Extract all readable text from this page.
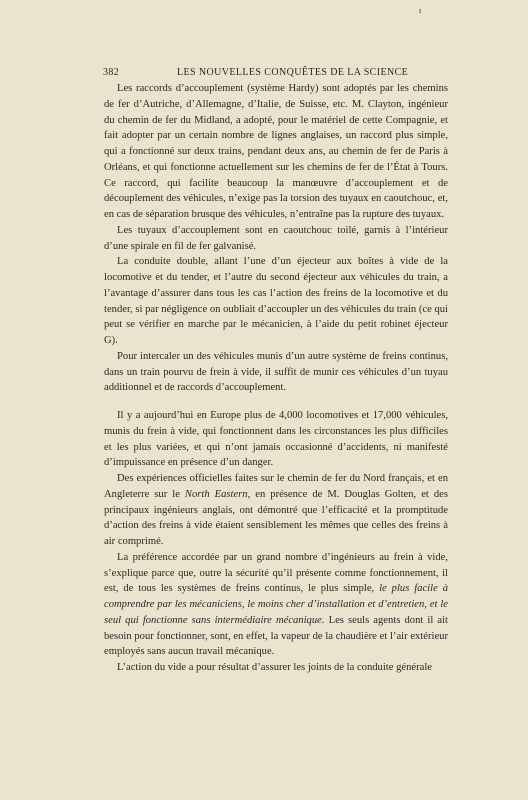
ı
382	LES NOUVELLES CONQUÊTES DE LA SCIENCE

Les raccords d’accouplement (système Hardy) sont adoptés par les chemins de fer d’Autriche, d’Allemagne, d’Italie, de Suisse, etc. M. Clayton, ingénieur du chemin de fer du Midland, a adopté, pour le matériel de cette Compagnie, et fait adopter par un certain nombre de lignes anglaises, un raccord plus simple, qui a fonctionné sur deux trains, pendant deux ans, au chemin de fer de Paris à Orléans, et qui fonctionne actuellement sur les chemins de fer de l’État à Tours. Ce raccord, qui facilite beaucoup la manœuvre d’accouplement et de découplement des véhicules, n’exige pas la torsion des tuyaux en caoutchouc, et, en cas de séparation brusque des véhicules, n’entraîne pas la rupture des tuyaux.

Les tuyaux d’accouplement sont en caoutchouc toilé, garnis à l’intérieur d’une spirale en fil de fer galvanisé.

La conduite double, allant l’une d’un éjecteur aux boîtes à vide de la locomotive et du tender, et l’autre du second éjecteur aux véhicules du train, a l’avantage d’assurer dans tous les cas l’action des freins de la locomotive et du tender, si par négligence on oubliait d’accoupler un des véhicules du train (ce qui peut se vérifier en marche par le mécanicien, à l’aide du petit robinet éjecteur G).

Pour intercaler un des véhicules munis d’un autre système de freins continus, dans un train pourvu de frein à vide, il suffit de munir ces véhicules d’un tuyau additionnel et de raccords d’accouplement.

Il y a aujourd’hui en Europe plus de 4,000 locomotives et 17,000 véhicules, munis du frein à vide, qui fonctionnent dans les circonstances les plus difficiles et les plus variées, et qui n’ont jamais occasionné d’accidents, ni manifesté d’impuissance en présence d’un danger.

Des expériences officielles faites sur le chemin de fer du Nord français, et en Angleterre sur le North Eastern, en présence de M. Douglas Golten, et des principaux ingénieurs anglais, ont démontré que l’efficacité et la promptitude d’action des freins à vide étaient sensiblement les mêmes que celles des freins à air comprimé.

La préférence accordée par un grand nombre d’ingénieurs au frein à vide, s’explique parce que, outre la sécurité qu’il présente comme fonctionnement, il est, de tous les systèmes de freins continus, le plus simple, le plus facile à comprendre par les mécaniciens, le moins cher d’installation et d’entretien, et le seul qui fonctionne sans intermédiaire mécanique. Les seuls agents dont il ait besoin pour fonctionner, sont, en effet, la vapeur de la chaudière et l’air extérieur employés sans aucun travail mécanique.

L’action du vide a pour résultat d’assurer les joints de la conduite générale
